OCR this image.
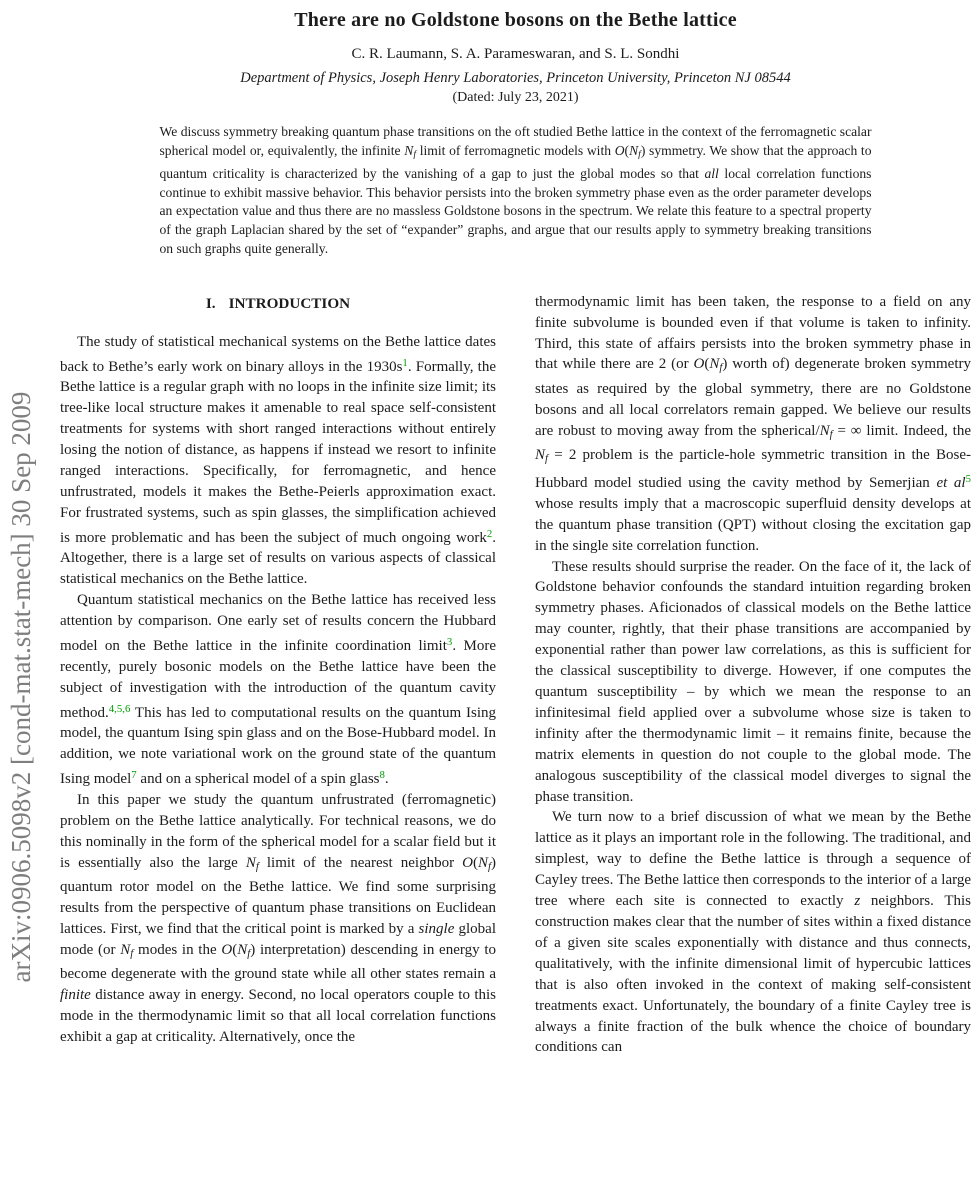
arXiv:0906.5098v2 [cond-mat.stat-mech] 30 Sep 2009
There are no Goldstone bosons on the Bethe lattice
C. R. Laumann, S. A. Parameswaran, and S. L. Sondhi
Department of Physics, Joseph Henry Laboratories, Princeton University, Princeton NJ 08544
(Dated: July 23, 2021)
We discuss symmetry breaking quantum phase transitions on the oft studied Bethe lattice in the context of the ferromagnetic scalar spherical model or, equivalently, the infinite Nf limit of ferromagnetic models with O(Nf) symmetry. We show that the approach to quantum criticality is characterized by the vanishing of a gap to just the global modes so that all local correlation functions continue to exhibit massive behavior. This behavior persists into the broken symmetry phase even as the order parameter develops an expectation value and thus there are no massless Goldstone bosons in the spectrum. We relate this feature to a spectral property of the graph Laplacian shared by the set of “expander” graphs, and argue that our results apply to symmetry breaking transitions on such graphs quite generally.
I. INTRODUCTION

The study of statistical mechanical systems on the Bethe lattice dates back to Bethe’s early work on binary alloys in the 1930s$^1$. Formally, the Bethe lattice is a regular graph with no loops in the infinite size limit; its tree-like local structure makes it amenable to real space self-consistent treatments for systems with short ranged interactions without entirely losing the notion of distance, as happens if instead we resort to infinite ranged interactions. Specifically, for ferromagnetic, and hence unfrustrated, models it makes the Bethe-Peierls approximation exact. For frustrated systems, such as spin glasses, the simplification achieved is more problematic and has been the subject of much ongoing work$^2$. Altogether, there is a large set of results on various aspects of classical statistical mechanics on the Bethe lattice.

Quantum statistical mechanics on the Bethe lattice has received less attention by comparison. One early set of results concern the Hubbard model on the Bethe lattice in the infinite coordination limit$^3$. More recently, purely bosonic models on the Bethe lattice have been the subject of investigation with the introduction of the quantum cavity method.$^{4,5,6}$ This has led to computational results on the quantum Ising model, the quantum Ising spin glass and on the Bose-Hubbard model. In addition, we note variational work on the ground state of the quantum Ising model$^7$ and on a spherical model of a spin glass$^8$.

In this paper we study the quantum unfrustrated (ferromagnetic) problem on the Bethe lattice analytically. For technical reasons, we do this nominally in the form of the spherical model for a scalar field but it is essentially also the large Nf limit of the nearest neighbor O(Nf) quantum rotor model on the Bethe lattice. We find some surprising results from the perspective of quantum phase transitions on Euclidean lattices. First, we find that the critical point is marked by a single global mode (or Nf modes in the O(Nf) interpretation) descending in energy to become degenerate with the ground state while all other states remain a finite distance away in energy. Second, no local operators couple to this mode in the thermodynamic limit so that all local correlation functions exhibit a gap at criticality. Alternatively, once the

thermodynamic limit has been taken, the response to a field on any finite subvolume is bounded even if that volume is taken to infinity. Third, this state of affairs persists into the broken symmetry phase in that while there are 2 (or O(Nf) worth of) degenerate broken symmetry states as required by the global symmetry, there are no Goldstone bosons and all local correlators remain gapped. We believe our results are robust to moving away from the spherical/Nf = ∞ limit. Indeed, the Nf = 2 problem is the particle-hole symmetric transition in the Bose-Hubbard model studied using the cavity method by Semerjian et al$^5$ whose results imply that a macroscopic superfluid density develops at the quantum phase transition (QPT) without closing the excitation gap in the single site correlation function.

These results should surprise the reader. On the face of it, the lack of Goldstone behavior confounds the standard intuition regarding broken symmetry phases. Aficionados of classical models on the Bethe lattice may counter, rightly, that their phase transitions are accompanied by exponential rather than power law correlations, as this is sufficient for the classical susceptibility to diverge. However, if one computes the quantum susceptibility – by which we mean the response to an infinitesimal field applied over a subvolume whose size is taken to infinity after the thermodynamic limit – it remains finite, because the matrix elements in question do not couple to the global mode. The analogous susceptibility of the classical model diverges to signal the phase transition.

We turn now to a brief discussion of what we mean by the Bethe lattice as it plays an important role in the following. The traditional, and simplest, way to define the Bethe lattice is through a sequence of Cayley trees. The Bethe lattice then corresponds to the interior of a large tree where each site is connected to exactly z neighbors. This construction makes clear that the number of sites within a fixed distance of a given site scales exponentially with distance and thus connects, qualitatively, with the infinite dimensional limit of hypercubic lattices that is also often invoked in the context of making self-consistent treatments exact. Unfortunately, the boundary of a finite Cayley tree is always a finite fraction of the bulk whence the choice of boundary conditions can
